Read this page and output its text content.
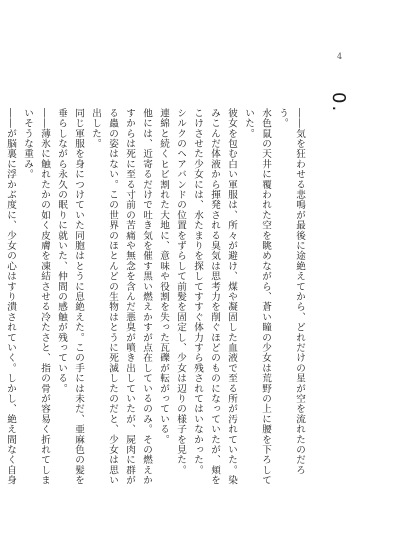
4
0.

――気を狂わせる悲鳴が最後に途絶えてから、どれだけの星が空を流れたのだろう。

水色鼠の天井に覆われた空を眺めながら、蒼い瞳の少女は荒野の上に腰を下ろしていた。

彼女を包む白い軍服は、所々が避け、煤や凝固した血液で至る所が汚れていた。染みこんだ体液から揮発される臭気は思考力を削ぐほどのものになっていたが、頬をこけさせた少女には、水たまりを探してすすぐ体力すら残されてはいなかった。

シルクのヘアバンドの位置をずらして前髪を固定し、少女は辺りの様子を見た。

連綿と続くヒビ割れた大地に、意味や役割を失った瓦礫が転がっている。

他には、近寄るだけで吐き気を催す黒い燃えかすが点在しているのみ。その燃えかすからは死に至る寸前の苦痛や無念を含んだ悪臭が噴き出していたが、屍肉に群がる蟲の姿はない。この世界のほとんどの生物はとうに死滅したのだと、少女は思い出した。

同じ軍服を身につけていた同胞はとうに息絶えた。この手には未だ、亜麻色の髪を垂らしながら永久の眠りに就いた、仲間の感触が残っている。

――薄氷に触れたかの如く皮膚を凍結させる冷たさと、指の骨が容易く折れてしまいそうな重み。

――が脳裏に浮かぶ度に、少女の心はすり潰されていく。しかし、絶え間なく自身
